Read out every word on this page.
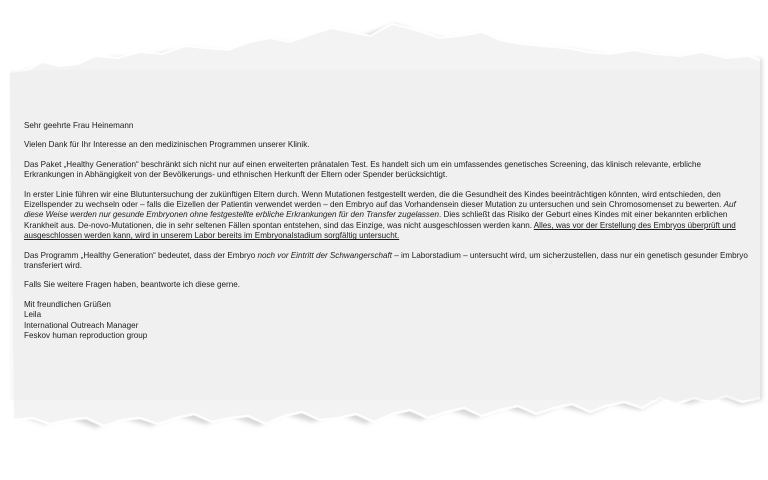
Sehr geehrte Frau Heinemann

Vielen Dank für Ihr Interesse an den medizinischen Programmen unserer Klinik.

Das Paket „Healthy Generation“ beschränkt sich nicht nur auf einen erweiterten pränatalen Test. Es handelt sich um ein umfassendes genetisches Screening, das klinisch relevante, erbliche Erkrankungen in Abhängigkeit von der Bevölkerungs- und ethnischen Herkunft der Eltern oder Spender berücksichtigt.

In erster Linie führen wir eine Blutuntersuchung der zukünftigen Eltern durch. Wenn Mutationen festgestellt werden, die die Gesundheit des Kindes beeinträchtigen könnten, wird entschieden, den Eizellspender zu wechseln oder – falls die Eizellen der Patientin verwendet werden – den Embryo auf das Vorhandensein dieser Mutation zu untersuchen und sein Chromosomenset zu bewerten. Auf diese Weise werden nur gesunde Embryonen ohne festgestellte erbliche Erkrankungen für den Transfer zugelassen. Dies schließt das Risiko der Geburt eines Kindes mit einer bekannten erblichen Krankheit aus. De-novo-Mutationen, die in sehr seltenen Fällen spontan entstehen, sind das Einzige, was nicht ausgeschlossen werden kann. Alles, was vor der Erstellung des Embryos überprüft und ausgeschlossen werden kann, wird in unserem Labor bereits im Embryonalstadium sorgfältig untersucht.

Das Programm „Healthy Generation“ bedeutet, dass der Embryo noch vor Eintritt der Schwangerschaft – im Laborstadium – untersucht wird, um sicherzustellen, dass nur ein genetisch gesunder Embryo transferiert wird.

Falls Sie weitere Fragen haben, beantworte ich diese gerne.

Mit freundlichen Grüßen
Leila
International Outreach Manager
Feskov human reproduction group
